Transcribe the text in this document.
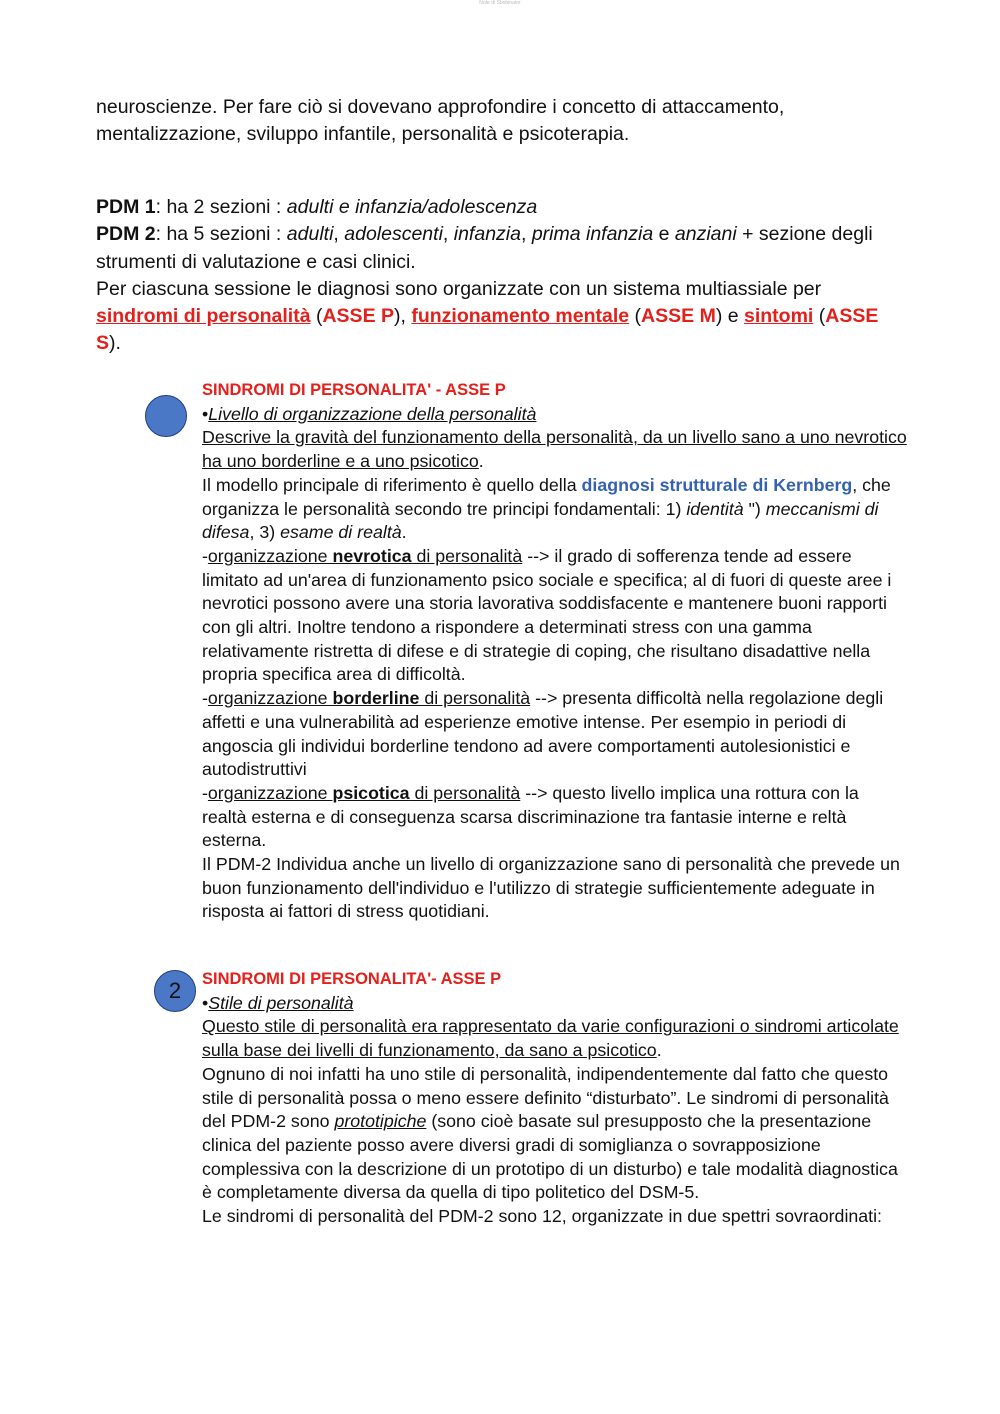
Note di Sbobinator

neuroscienze. Per fare ciò si dovevano approfondire i concetto di attaccamento,

mentalizzazione, sviluppo infantile, personalità e psicoterapia.

PDM 1: ha 2 sezioni : adulti e infanzia/adolescenza

PDM 2: ha 5 sezioni : adulti, adolescenti, infanzia, prima infanzia e anziani + sezione degli strumenti di valutazione e casi clinici.

Per ciascuna sessione le diagnosi sono organizzate con un sistema multiassiale per sindromi di personalità (ASSE P), funzionamento mentale (ASSE M) e sintomi (ASSE S).

SINDROMI DI PERSONALITA' - ASSE P

•Livello di organizzazione della personalità

Descrive la gravità del funzionamento della personalità, da un livello sano a uno nevrotico ha uno borderline e a uno psicotico.

Il modello principale di riferimento è quello della diagnosi strutturale di Kernberg, che organizza le personalità secondo tre principi fondamentali: 1) identità ") meccanismi di difesa, 3) esame di realtà.

-organizzazione nevrotica di personalità --> il grado di sofferenza tende ad essere limitato ad un'area di funzionamento psico sociale e specifica; al di fuori di queste aree i nevrotici possono avere una storia lavorativa soddisfacente e mantenere buoni rapporti con gli altri. Inoltre tendono a rispondere a determinati stress con una gamma relativamente ristretta di difese e di strategie di coping, che risultano disadattive nella propria specifica area di difficoltà.

-organizzazione borderline di personalità --> presenta difficoltà nella regolazione degli affetti e una vulnerabilità ad esperienze emotive intense. Per esempio in periodi di angoscia gli individui borderline tendono ad avere comportamenti autolesionistici e autodistruttivi

-organizzazione psicotica di personalità --> questo livello implica una rottura con la realtà esterna e di conseguenza scarsa discriminazione tra fantasie interne e reltà esterna.

Il PDM-2 Individua anche un livello di organizzazione sano di personalità che prevede un buon funzionamento dell'individuo e l'utilizzo di strategie sufficientemente adeguate in risposta ai fattori di stress quotidiani.

2	SINDROMI DI PERSONALITA'- ASSE P

•Stile di personalità

Questo stile di personalità era rappresentato da varie configurazioni o sindromi articolate sulla base dei livelli di funzionamento, da sano a psicotico.

Ognuno di noi infatti ha uno stile di personalità, indipendentemente dal fatto che questo stile di personalità possa o meno essere definito “disturbato”. Le sindromi di personalità del PDM-2 sono prototipiche (sono cioè basate sul presupposto che la presentazione clinica del paziente posso avere diversi gradi di somiglianza o sovrapposizione complessiva con la descrizione di un prototipo di un disturbo) e tale modalità diagnostica è completamente diversa da quella di tipo politetico del DSM-5.

Le sindromi di personalità del PDM-2 sono 12, organizzate in due spettri sovraordinati:
